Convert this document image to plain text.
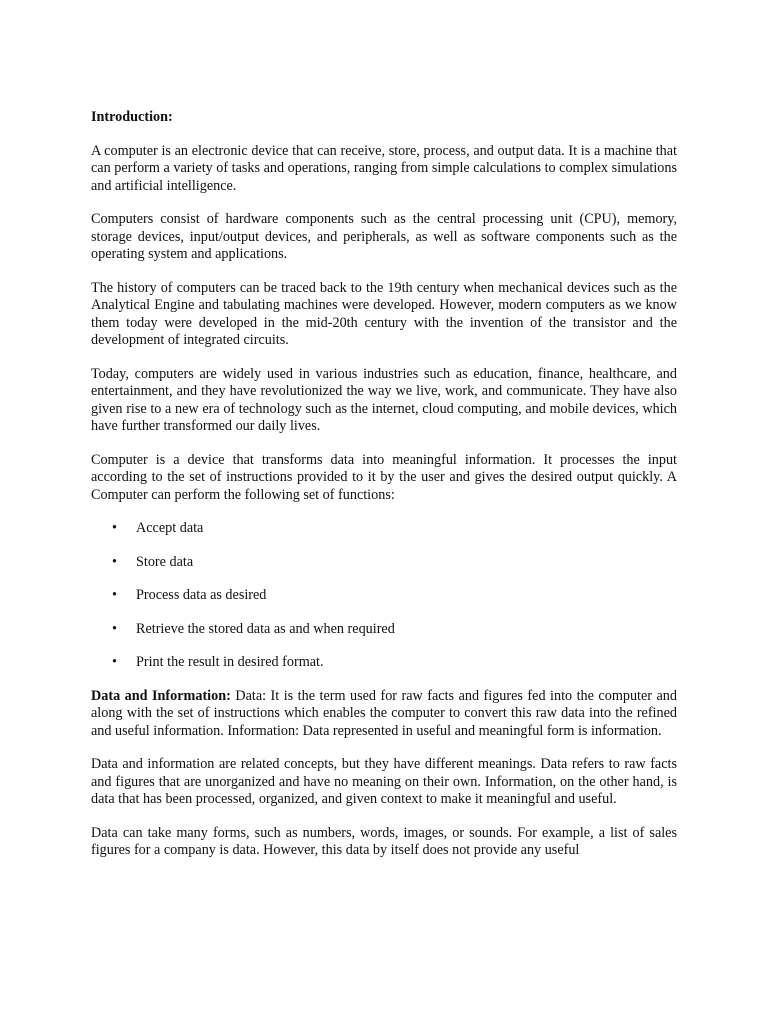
Introduction:

A computer is an electronic device that can receive, store, process, and output data. It is a machine that can perform a variety of tasks and operations, ranging from simple calculations to complex simulations and artificial intelligence.

Computers consist of hardware components such as the central processing unit (CPU), memory, storage devices, input/output devices, and peripherals, as well as software components such as the operating system and applications.

The history of computers can be traced back to the 19th century when mechanical devices such as the Analytical Engine and tabulating machines were developed. However, modern computers as we know them today were developed in the mid-20th century with the invention of the transistor and the development of integrated circuits.

Today, computers are widely used in various industries such as education, finance, healthcare, and entertainment, and they have revolutionized the way we live, work, and communicate. They have also given rise to a new era of technology such as the internet, cloud computing, and mobile devices, which have further transformed our daily lives.

Computer is a device that transforms data into meaningful information. It processes the input according to the set of instructions provided to it by the user and gives the desired output quickly. A Computer can perform the following set of functions:

• Accept data
• Store data
• Process data as desired
• Retrieve the stored data as and when required
• Print the result in desired format.

Data and Information: Data: It is the term used for raw facts and figures fed into the computer and along with the set of instructions which enables the computer to convert this raw data into the refined and useful information. Information: Data represented in useful and meaningful form is information.

Data and information are related concepts, but they have different meanings. Data refers to raw facts and figures that are unorganized and have no meaning on their own. Information, on the other hand, is data that has been processed, organized, and given context to make it meaningful and useful.

Data can take many forms, such as numbers, words, images, or sounds. For example, a list of sales figures for a company is data. However, this data by itself does not provide any useful
